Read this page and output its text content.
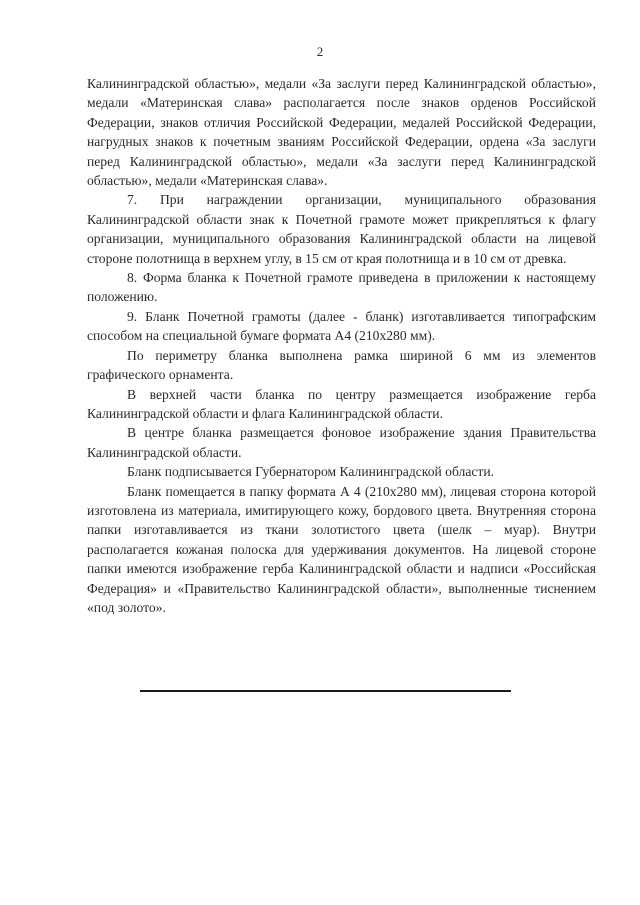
2

Калининградской областью», медали «За заслуги перед Калининградской областью», медали «Материнская слава» располагается после знаков орденов Российской Федерации, знаков отличия Российской Федерации, медалей Российской Федерации, нагрудных знаков к почетным званиям Российской Федерации, ордена «За заслуги перед Калининградской областью», медали «За заслуги перед Калининградской областью», медали «Материнская слава».

7. При награждении организации, муниципального образования Калининградской области знак к Почетной грамоте может прикрепляться к флагу организации, муниципального образования Калининградской области на лицевой стороне полотнища в верхнем углу, в 15 см от края полотнища и в 10 см от древка.

8. Форма бланка к Почетной грамоте приведена в приложении к настоящему положению.

9. Бланк Почетной грамоты (далее - бланк) изготавливается типографским способом на специальной бумаге формата А4 (210x280 мм).

По периметру бланка выполнена рамка шириной 6 мм из элементов графического орнамента.

В верхней части бланка по центру размещается изображение герба Калининградской области и флага Калининградской области.

В центре бланка размещается фоновое изображение здания Правительства Калининградской области.

Бланк подписывается Губернатором Калининградской области.

Бланк помещается в папку формата А 4 (210x280 мм), лицевая сторона которой изготовлена из материала, имитирующего кожу, бордового цвета. Внутренняя сторона папки изготавливается из ткани золотистого цвета (шелк – муар). Внутри располагается кожаная полоска для удерживания документов. На лицевой стороне папки имеются изображение герба Калининградской области и надписи «Российская Федерация» и «Правительство Калининградской области», выполненные тиснением «под золото».
